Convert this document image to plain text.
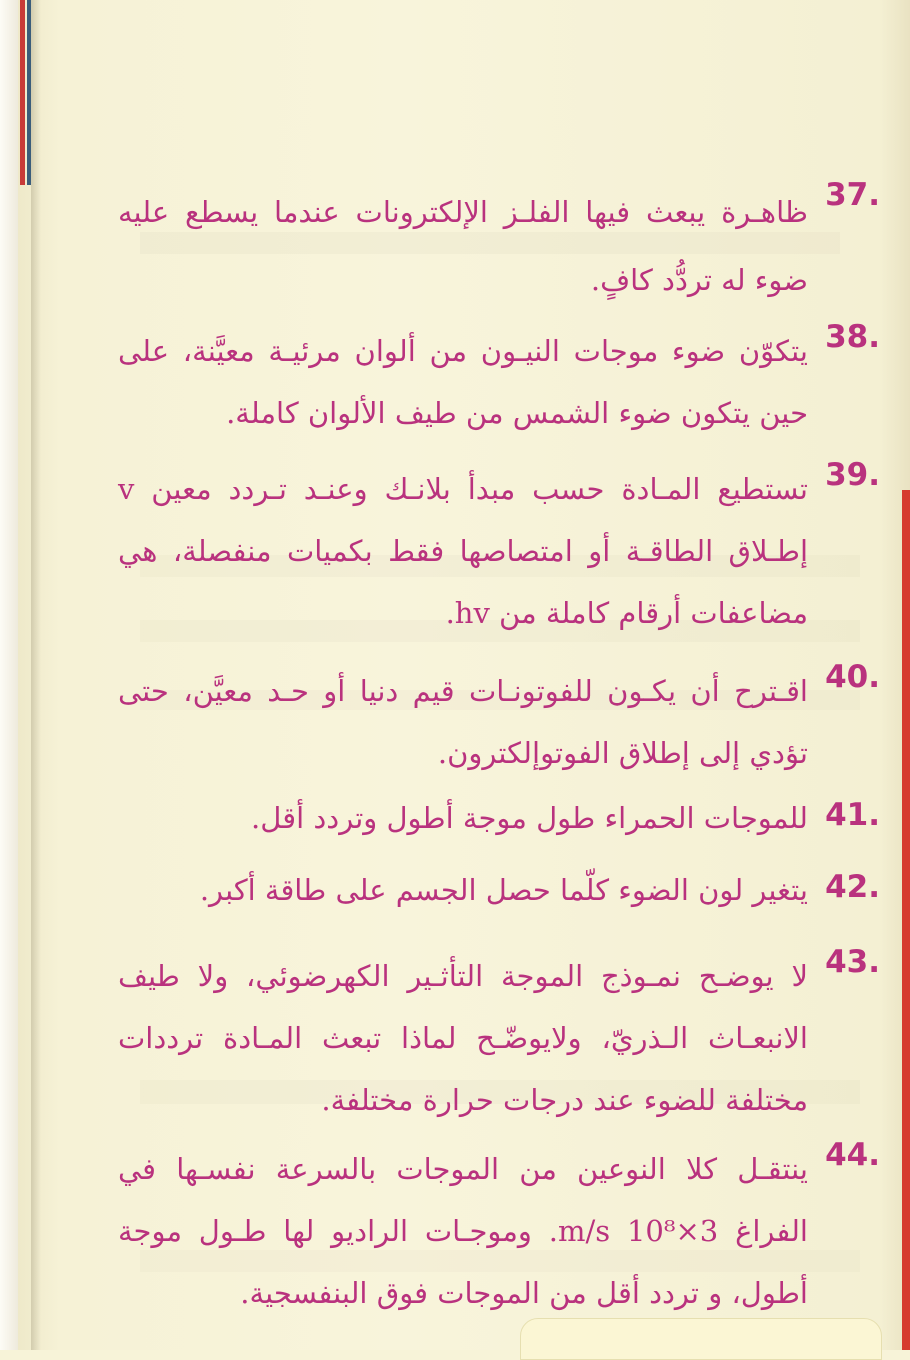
37.
ظاهـرة يبعث فيها الفلـز الإلكترونات عندما يسطع عليه ضوء له تردُّد كافٍ.
38.
يتكوّن ضوء موجات النيـون من ألوان مرئيـة معيَّنة، على حين يتكون ضوء الشمس من طيف الألوان كاملة.
39.
تستطيع المـادة حسب مبدأ بلانـك وعنـد تـردد معين v إطـلاق الطاقـة أو امتصاصها فقط بكميات منفصلة، هي مضاعفات أرقام كاملة من hv.
40.
اقـترح أن يكـون للفوتونـات قيم دنيا أو حـد معيَّن، حتى تؤدي إلى إطلاق الفوتوإلكترون.
41.
للموجات الحمراء طول موجة أطول وتردد أقل.
42.
يتغير لون الضوء كلّما حصل الجسم على طاقة أكبر.
43.
لا يوضـح نمـوذج الموجة التأثـير الكهرضوئي، ولا طيف الانبعـاث الـذريّ، ولايوضّـح لماذا تبعث المـادة ترددات مختلفة للضوء عند درجات حرارة مختلفة.
44.
ينتقـل كلا النوعين من الموجات بالسرعة نفسـها في الفراغ 3×10⁸ m/s. وموجـات الراديو لها طـول موجة أطول، و تردد أقل من الموجات فوق البنفسجية.
